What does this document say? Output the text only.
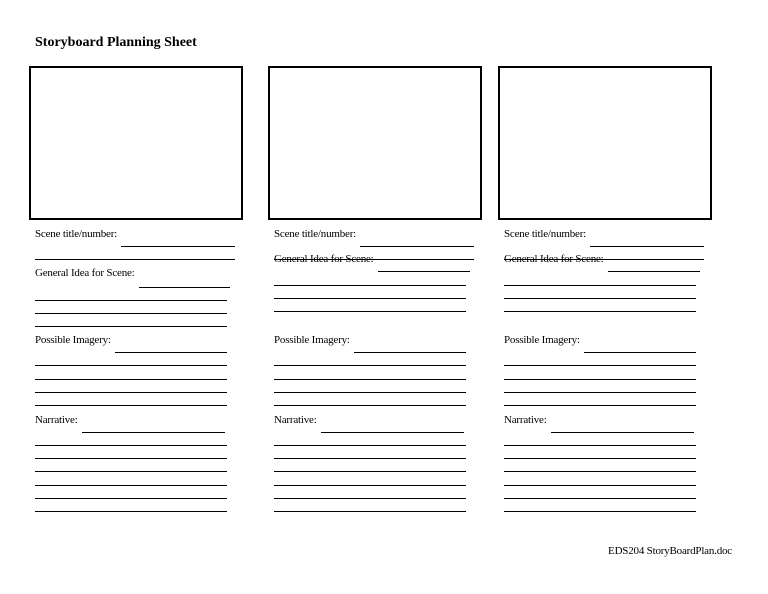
Storyboard Planning Sheet
Scene title/number:
General Idea for Scene:
Possible Imagery:
Narrative:
Scene title/number:
General Idea for Scene:
Possible Imagery:
Narrative:
Scene title/number:
General Idea for Scene:
Possible Imagery:
Narrative:
EDS204 StoryBoardPlan.doc
